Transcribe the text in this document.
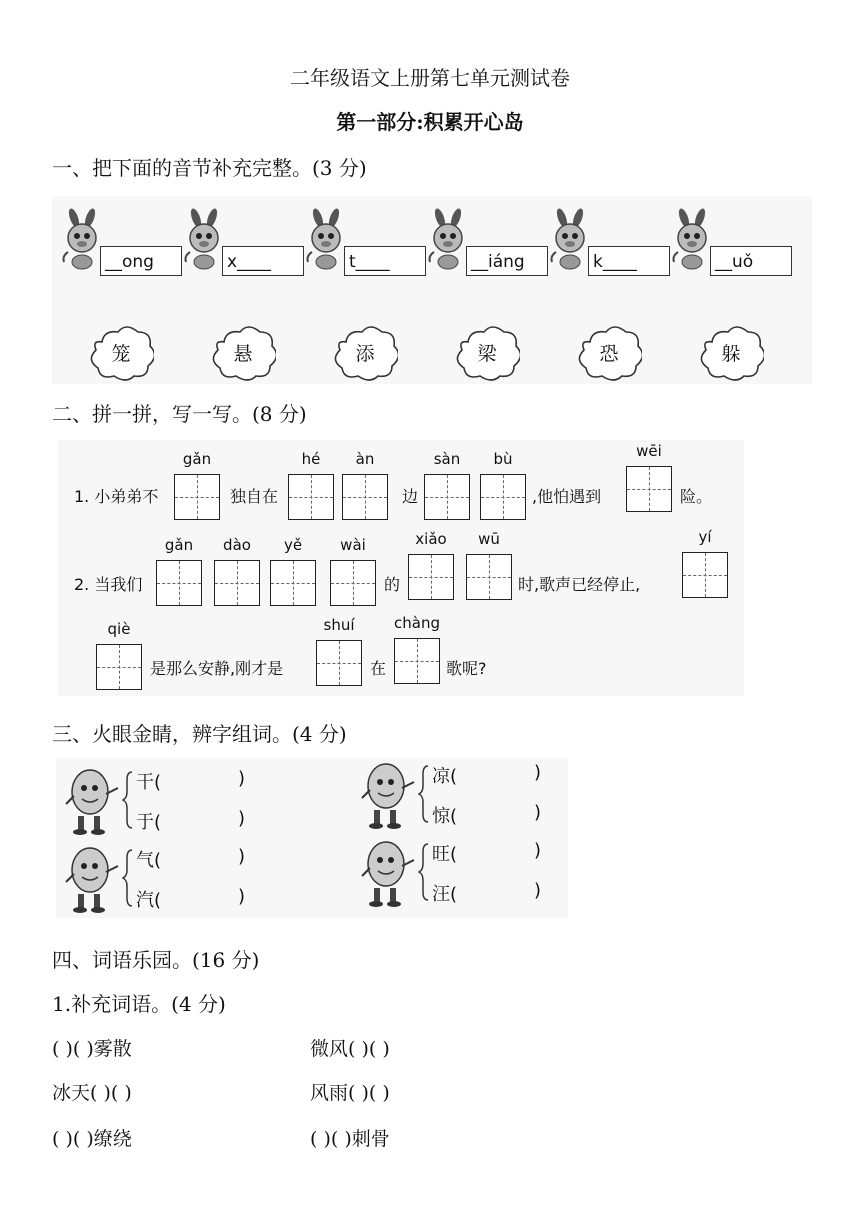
二年级语文上册第七单元测试卷
第一部分:积累开心岛
一、把下面的音节补充完整。(3 分)
__ong
笼
x____
悬
t____
添
__iáng
梁
k____
恐
__uǒ
躲
二、拼一拼，写一写。(8 分)
1. 小弟弟不	独自在	边	,他怕遇到	险。
2. 当我们	的	时,歌声已经停止,
是那么安静,刚才是	在	歌呢?
gǎn	hé	àn	sàn	bù	wēi
gǎn	dào	yě	wài	xiǎo	wū	yí
qiè	shuí	chàng
三、火眼金睛，辨字组词。(4 分)
干(	)
于(	)
凉(	)
惊(	)
气(	)
汽(	)
旺(	)
汪(	)
四、词语乐园。(16 分)
1.补充词语。(4 分)
( )( )雾散	微风( )( )
冰天( )( )	风雨( )( )
( )( )缭绕	( )( )刺骨
